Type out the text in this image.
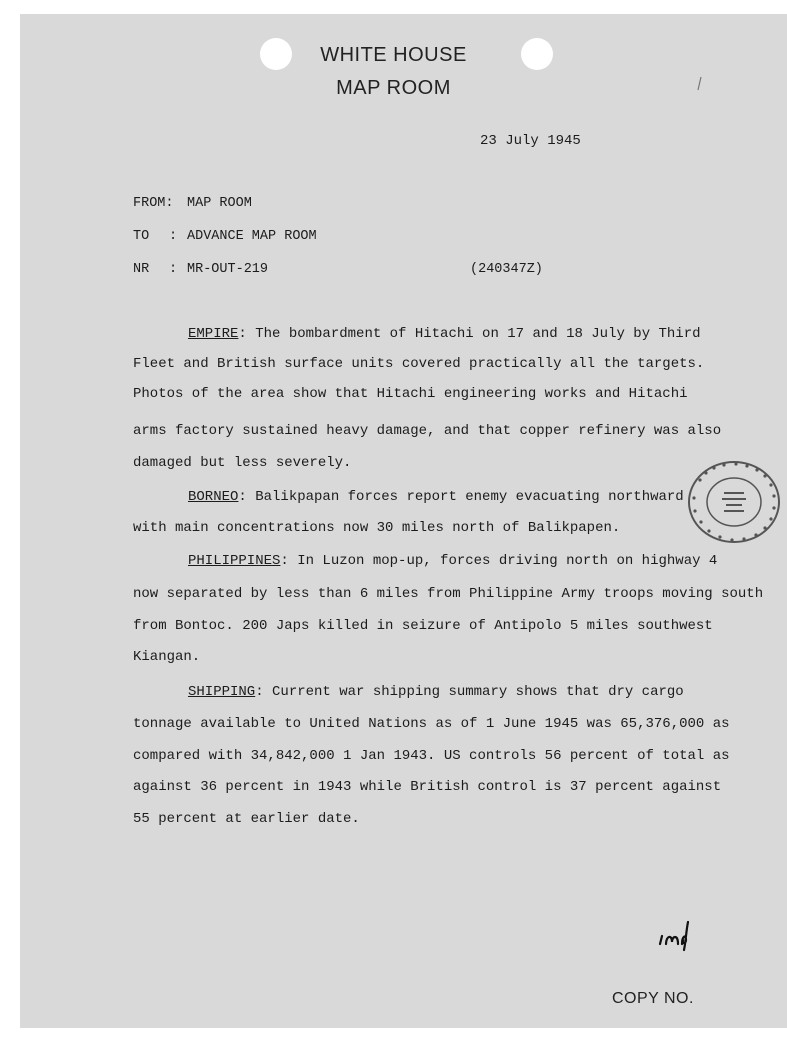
WHITE HOUSE
MAP ROOM
23 July 1945
FROM: MAP ROOM
TO : ADVANCE MAP ROOM
NR : MR-OUT-219	(240347Z)
EMPIRE: The bombardment of Hitachi on 17 and 18 July by Third
Fleet and British surface units covered practically all the targets.
Photos of the area show that Hitachi engineering works and Hitachi
arms factory sustained heavy damage, and that copper refinery was also
damaged but less severely.
BORNEO: Balikpapan forces report enemy evacuating northward
with main concentrations now 30 miles north of Balikpapen.
PHILIPPINES: In Luzon mop-up, forces driving north on highway 4
now separated by less than 6 miles from Philippine Army troops moving south
from Bontoc. 200 Japs killed in seizure of Antipolo 5 miles southwest
Kiangan.
SHIPPING: Current war shipping summary shows that dry cargo
tonnage available to United Nations as of 1 June 1945 was 65,376,000 as
compared with 34,842,000 1 Jan 1943. US controls 56 percent of total as
against 36 percent in 1943 while British control is 37 percent against
55 percent at earlier date.
COPY NO.
